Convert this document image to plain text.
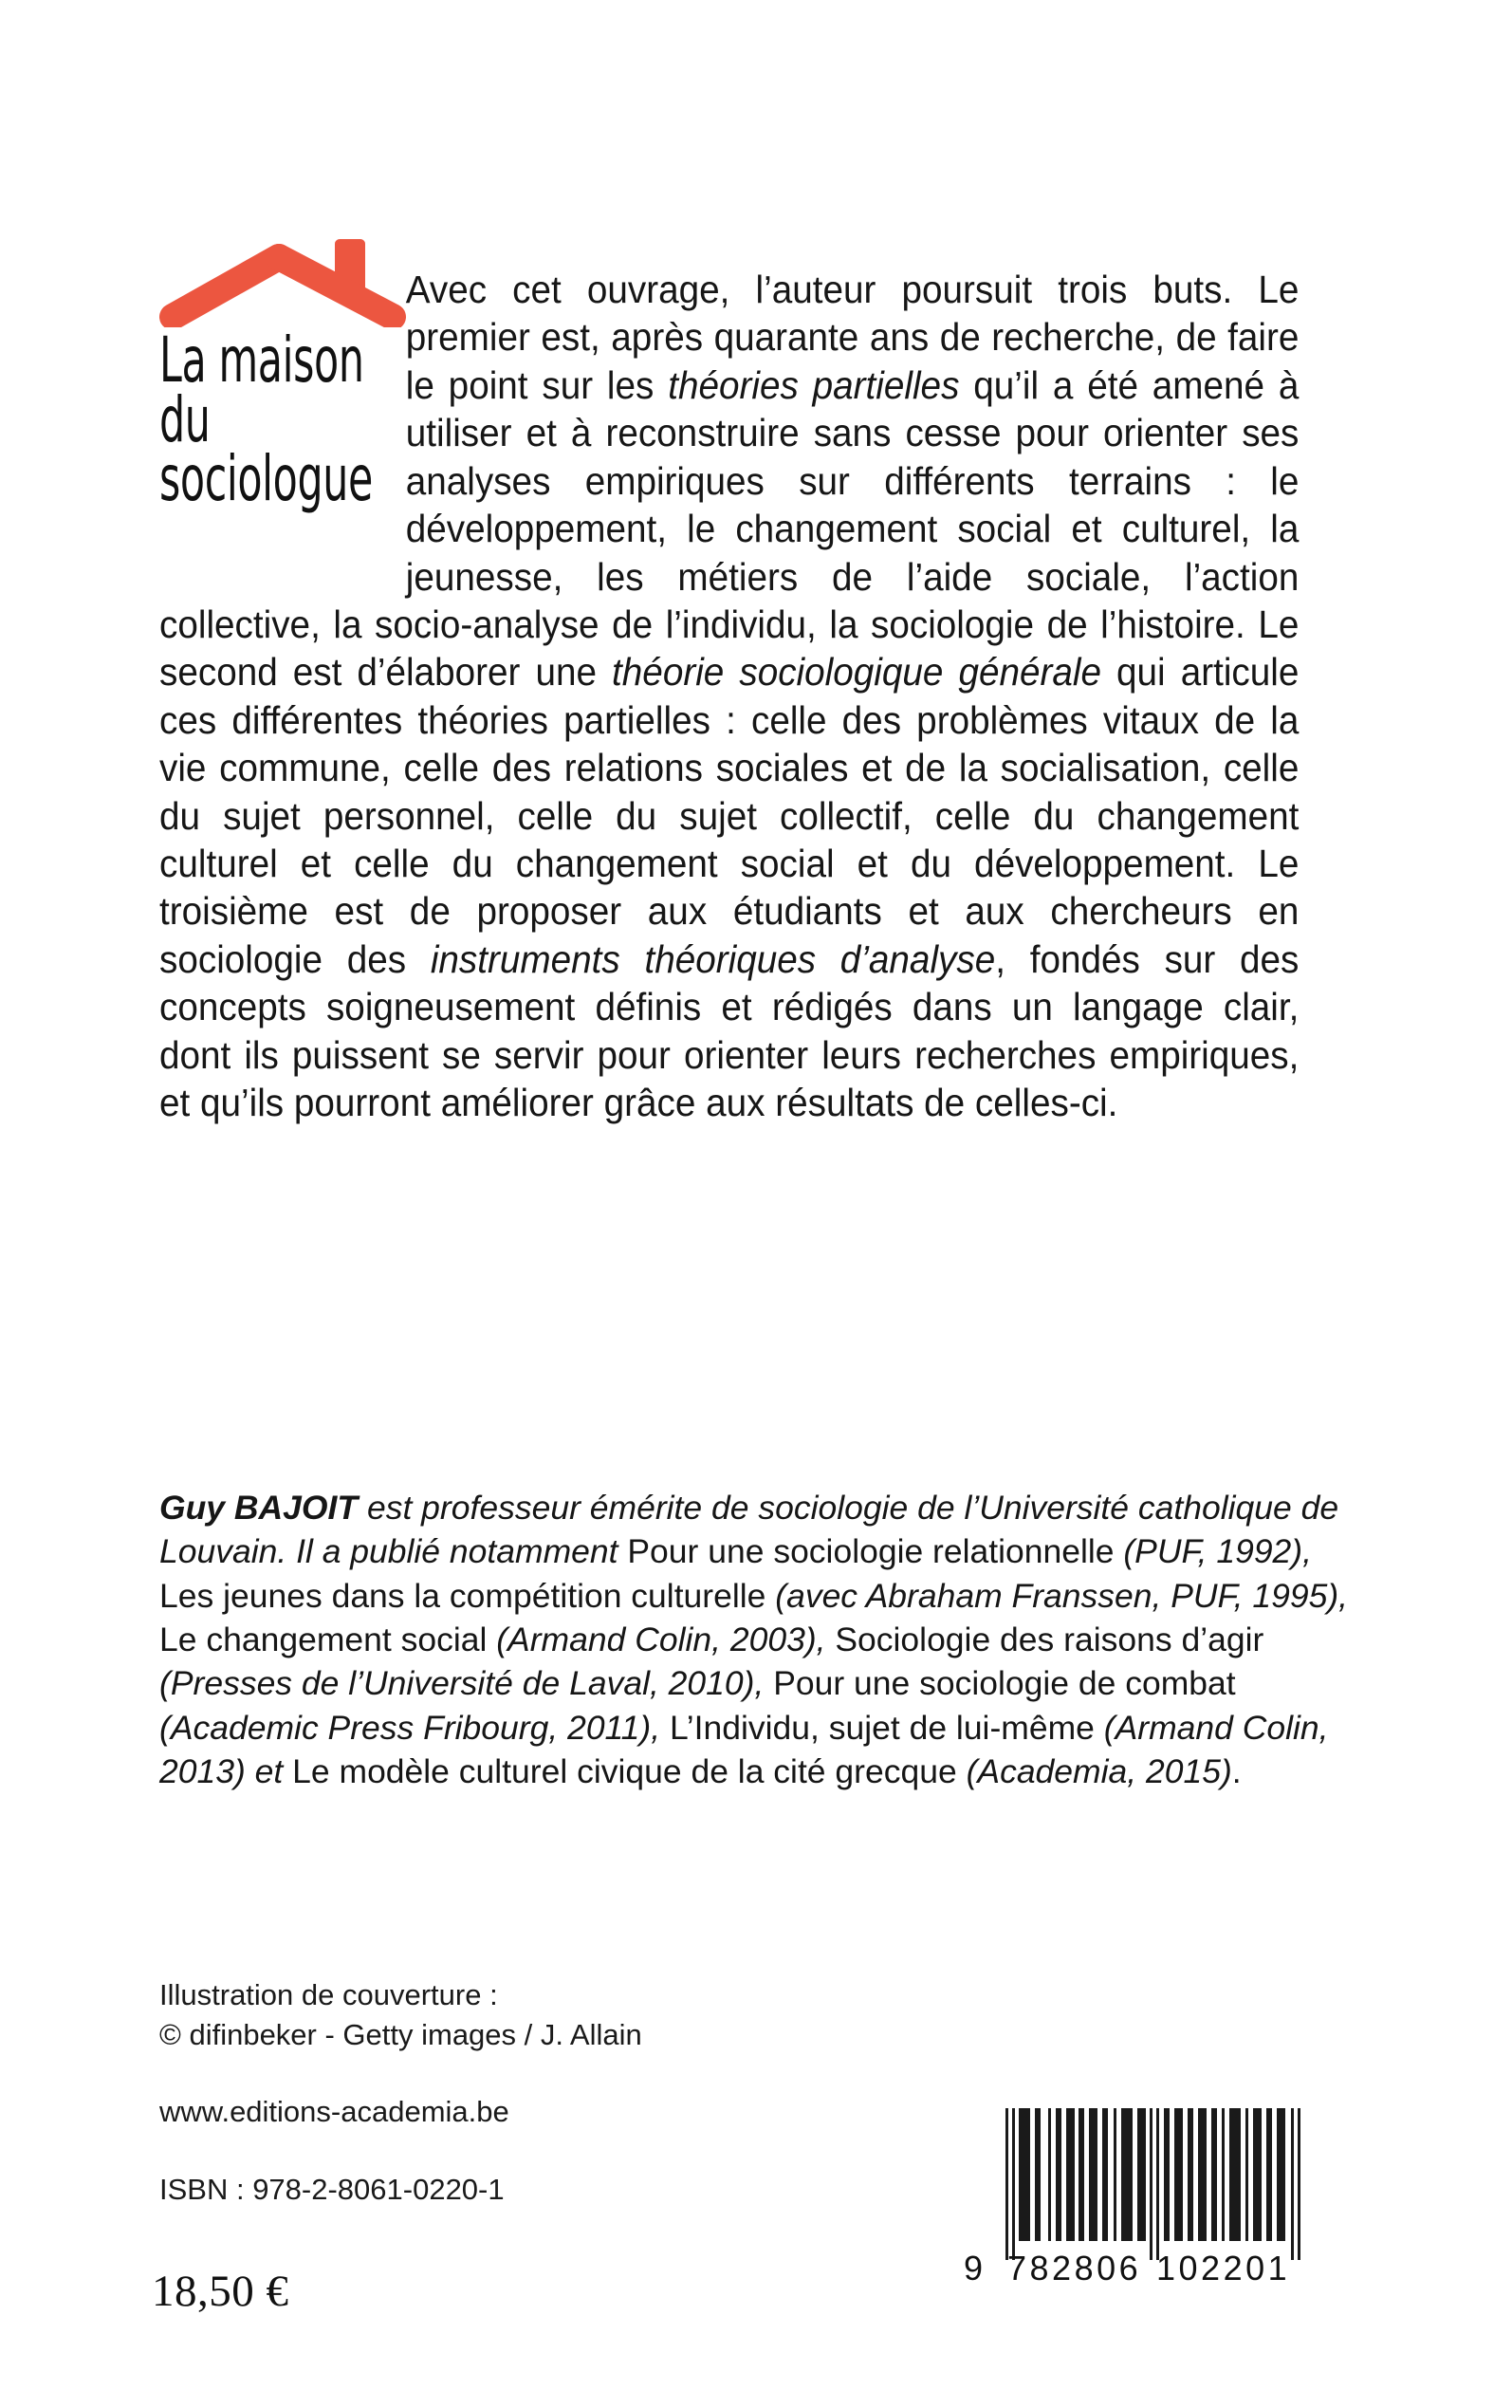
La maison
du
sociologue
Avec cet ouvrage, l’auteur poursuit trois buts. Le premier est, après quarante ans de recherche, de faire le point sur les théories partielles qu’il a été amené à utiliser et à reconstruire sans cesse pour orienter ses analyses empiriques sur différents terrains : le développement, le changement social et culturel, la jeunesse, les métiers de l’aide sociale, l’action collective, la socio-analyse de l’individu, la sociologie de l’histoire. Le second est d’élaborer une théorie sociologique générale qui articule ces différentes théories partielles : celle des problèmes vitaux de la vie commune, celle des relations sociales et de la socialisation, celle du sujet personnel, celle du sujet collectif, celle du changement culturel et celle du changement social et du développement. Le troisième est de proposer aux étudiants et aux chercheurs en sociologie des instruments théoriques d’analyse, fondés sur des concepts soigneusement définis et rédigés dans un langage clair, dont ils puissent se servir pour orienter leurs recherches empiriques, et qu’ils pourront améliorer grâce aux résultats de celles-ci.
Guy BAJOIT est professeur émérite de sociologie de l’Université catholique de Louvain. Il a publié notamment Pour une sociologie relationnelle (PUF, 1992), Les jeunes dans la compétition culturelle (avec Abraham Franssen, PUF, 1995), Le changement social (Armand Colin, 2003), Sociologie des raisons d’agir (Presses de l’Université de Laval, 2010), Pour une sociologie de combat (Academic Press Fribourg, 2011), L’Individu, sujet de lui-même (Armand Colin, 2013) et Le modèle culturel civique de la cité grecque (Academia, 2015).
Illustration de couverture :
© difinbeker - Getty images / J. Allain
www.editions-academia.be
ISBN : 978-2-8061-0220-1
18,50 €	9 782806 102201
